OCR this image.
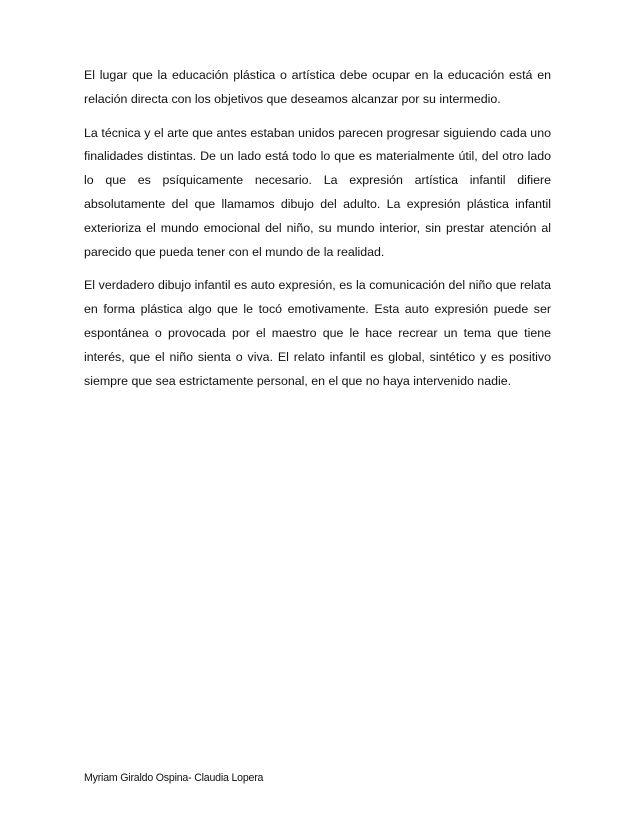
El lugar que la educación plástica o artística debe ocupar en la educación está en relación directa con los objetivos que deseamos alcanzar por su intermedio.

La técnica y el arte que antes estaban unidos parecen progresar siguiendo cada uno finalidades distintas. De un lado está todo lo que es materialmente útil, del otro lado lo que es psíquicamente necesario. La expresión artística infantil difiere absolutamente del que llamamos dibujo del adulto. La expresión plástica infantil exterioriza el mundo emocional del niño, su mundo interior, sin prestar atención al parecido que pueda tener con el mundo de la realidad.

El verdadero dibujo infantil es auto expresión, es la comunicación del niño que relata en forma plástica algo que le tocó emotivamente. Esta auto expresión puede ser espontánea o provocada por el maestro que le hace recrear un tema que tiene interés, que el niño sienta o viva. El relato infantil es global, sintético y es positivo siempre que sea estrictamente personal, en el que no haya intervenido nadie.

Myriam Giraldo Ospina- Claudia Lopera
